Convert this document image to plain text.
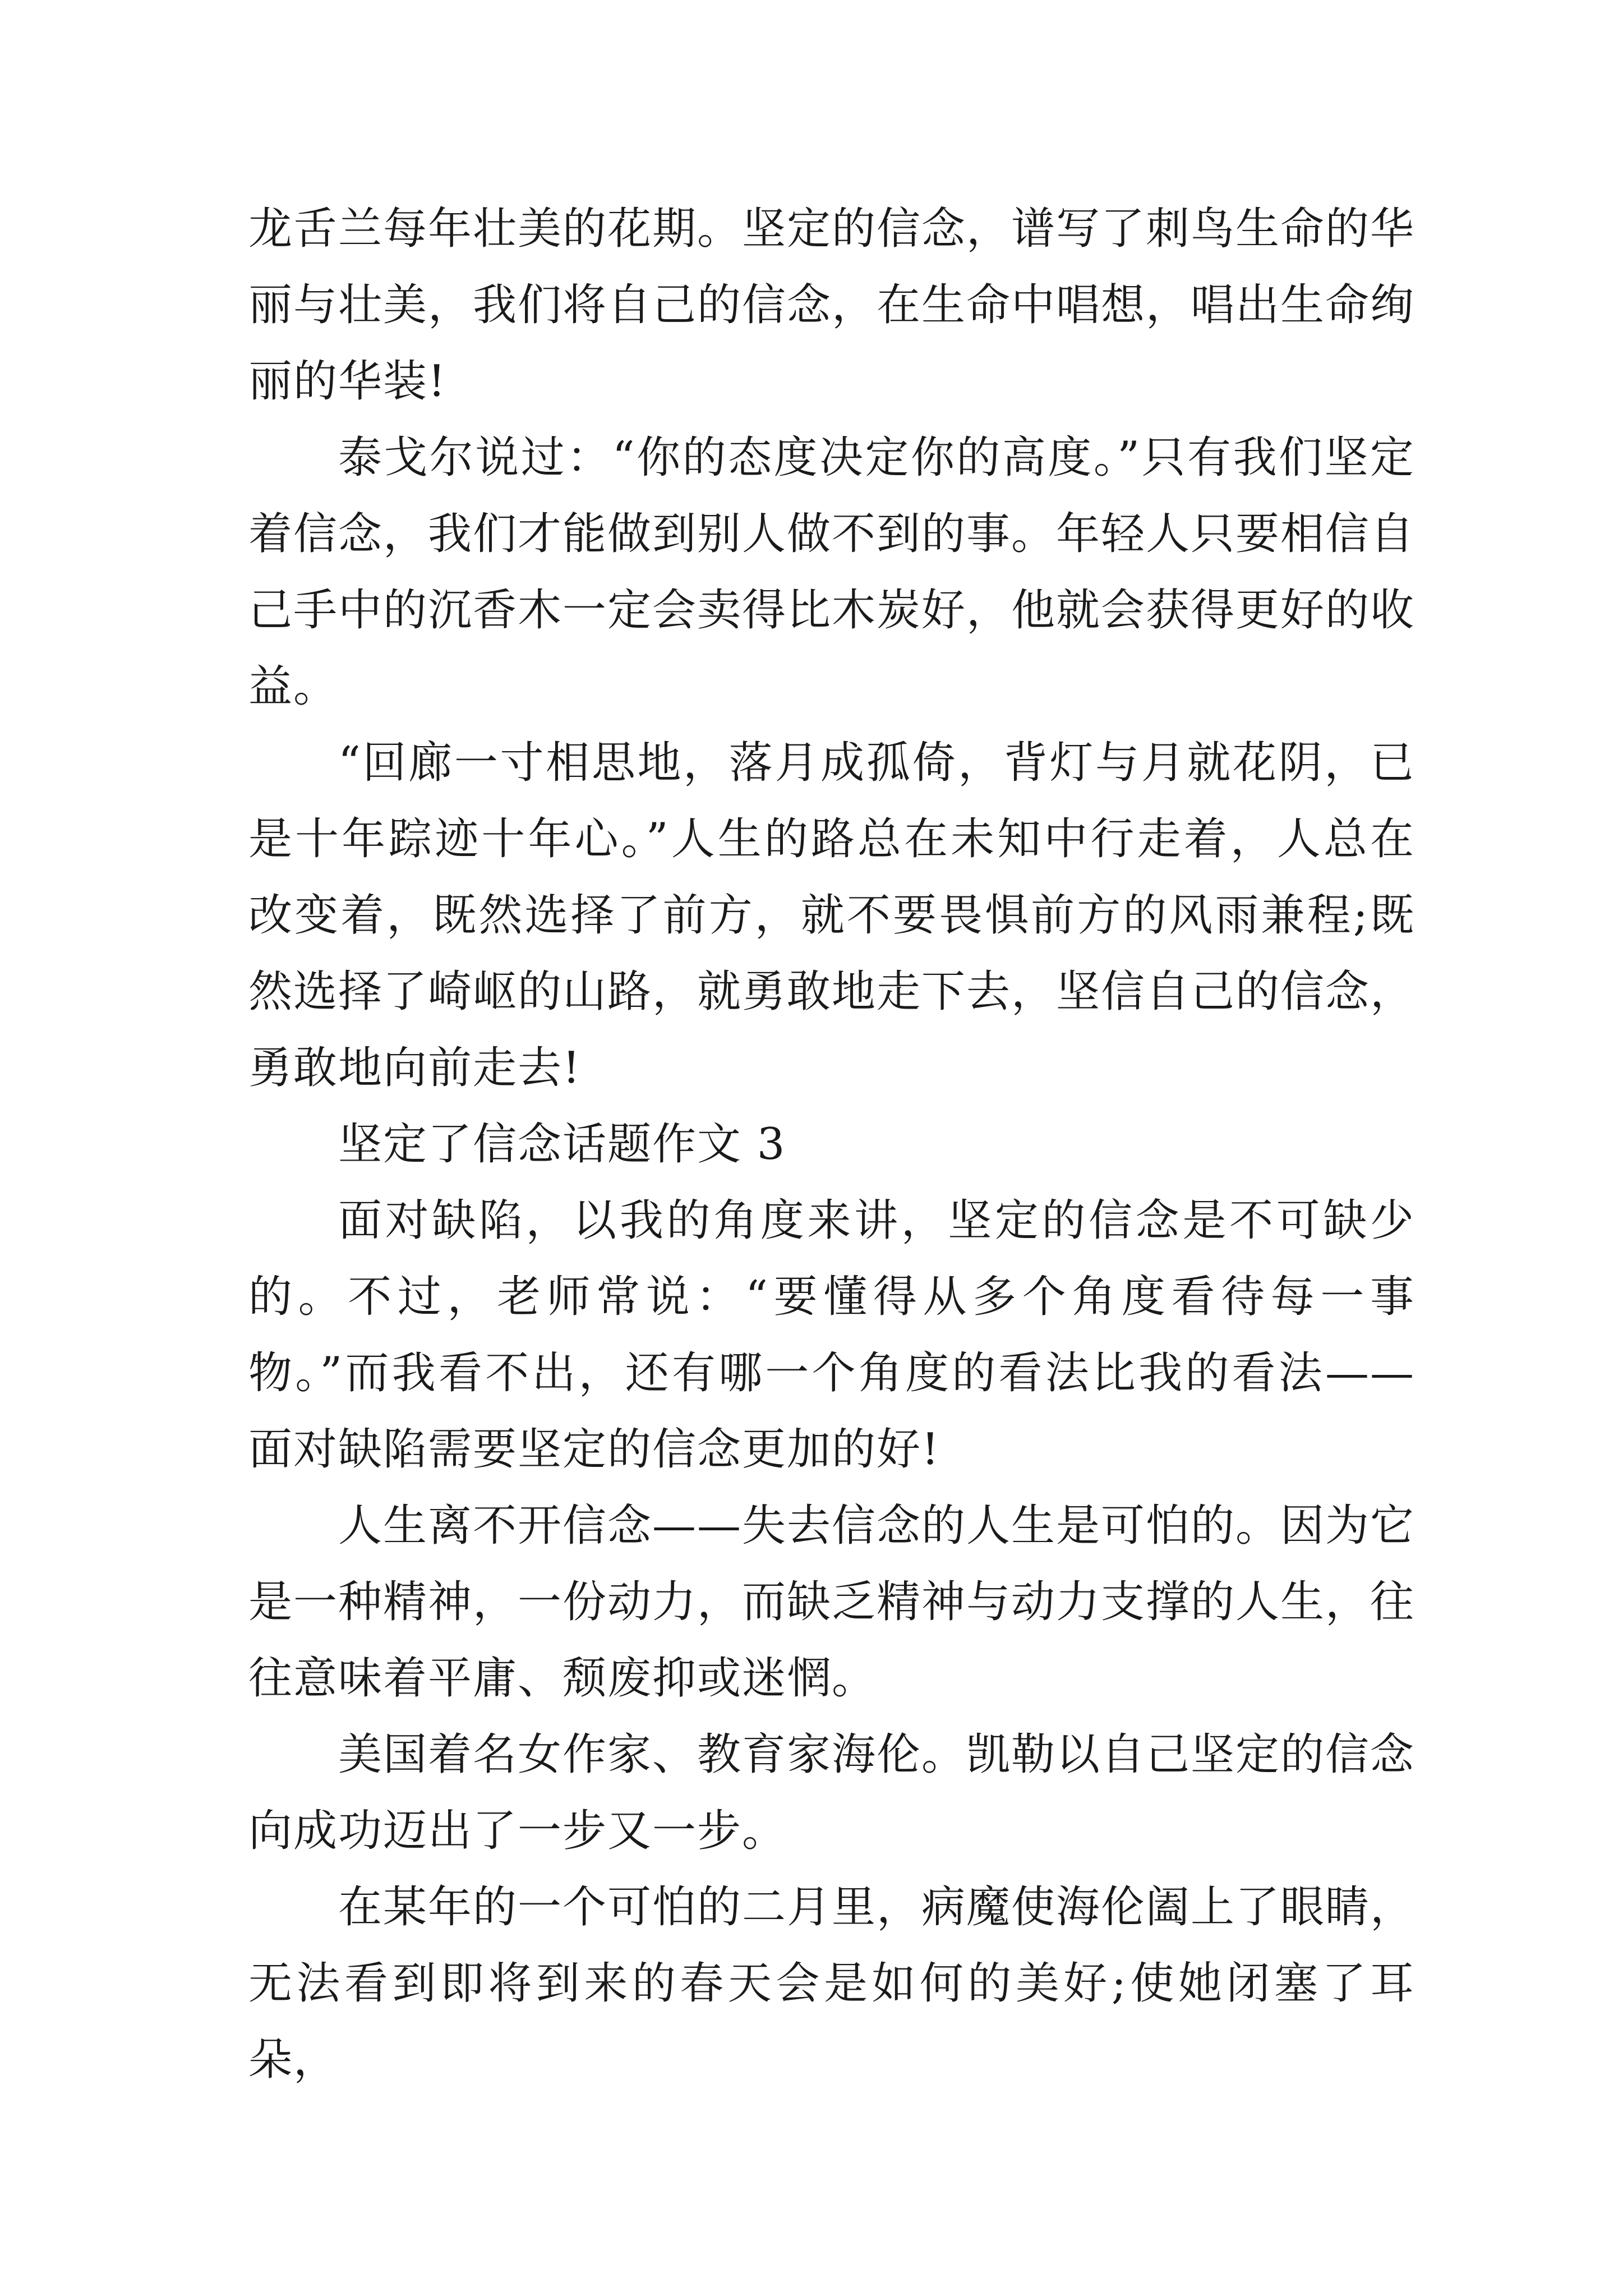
龙舌兰每年壮美的花期。坚定的信念，谱写了刺鸟生命的华丽与壮美，我们将自己的信念，在生命中唱想，唱出生命绚丽的华装!

泰戈尔说过：“你的态度决定你的高度。”只有我们坚定着信念，我们才能做到别人做不到的事。年轻人只要相信自己手中的沉香木一定会卖得比木炭好，他就会获得更好的收益。

“回廊一寸相思地，落月成孤倚，背灯与月就花阴，已是十年踪迹十年心。”人生的路总在未知中行走着，人总在改变着，既然选择了前方，就不要畏惧前方的风雨兼程;既然选择了崎岖的山路，就勇敢地走下去，坚信自己的信念，勇敢地向前走去!

坚定了信念话题作文 3

面对缺陷，以我的角度来讲，坚定的信念是不可缺少的。不过，老师常说：“要懂得从多个角度看待每一事物。”而我看不出，还有哪一个角度的看法比我的看法——面对缺陷需要坚定的信念更加的好!

人生离不开信念——失去信念的人生是可怕的。因为它是一种精神，一份动力，而缺乏精神与动力支撑的人生，往往意味着平庸、颓废抑或迷惘。

美国着名女作家、教育家海伦。凯勒以自己坚定的信念向成功迈出了一步又一步。

在某年的一个可怕的二月里，病魔使海伦阖上了眼睛，无法看到即将到来的春天会是如何的美好;使她闭塞了耳朵，
